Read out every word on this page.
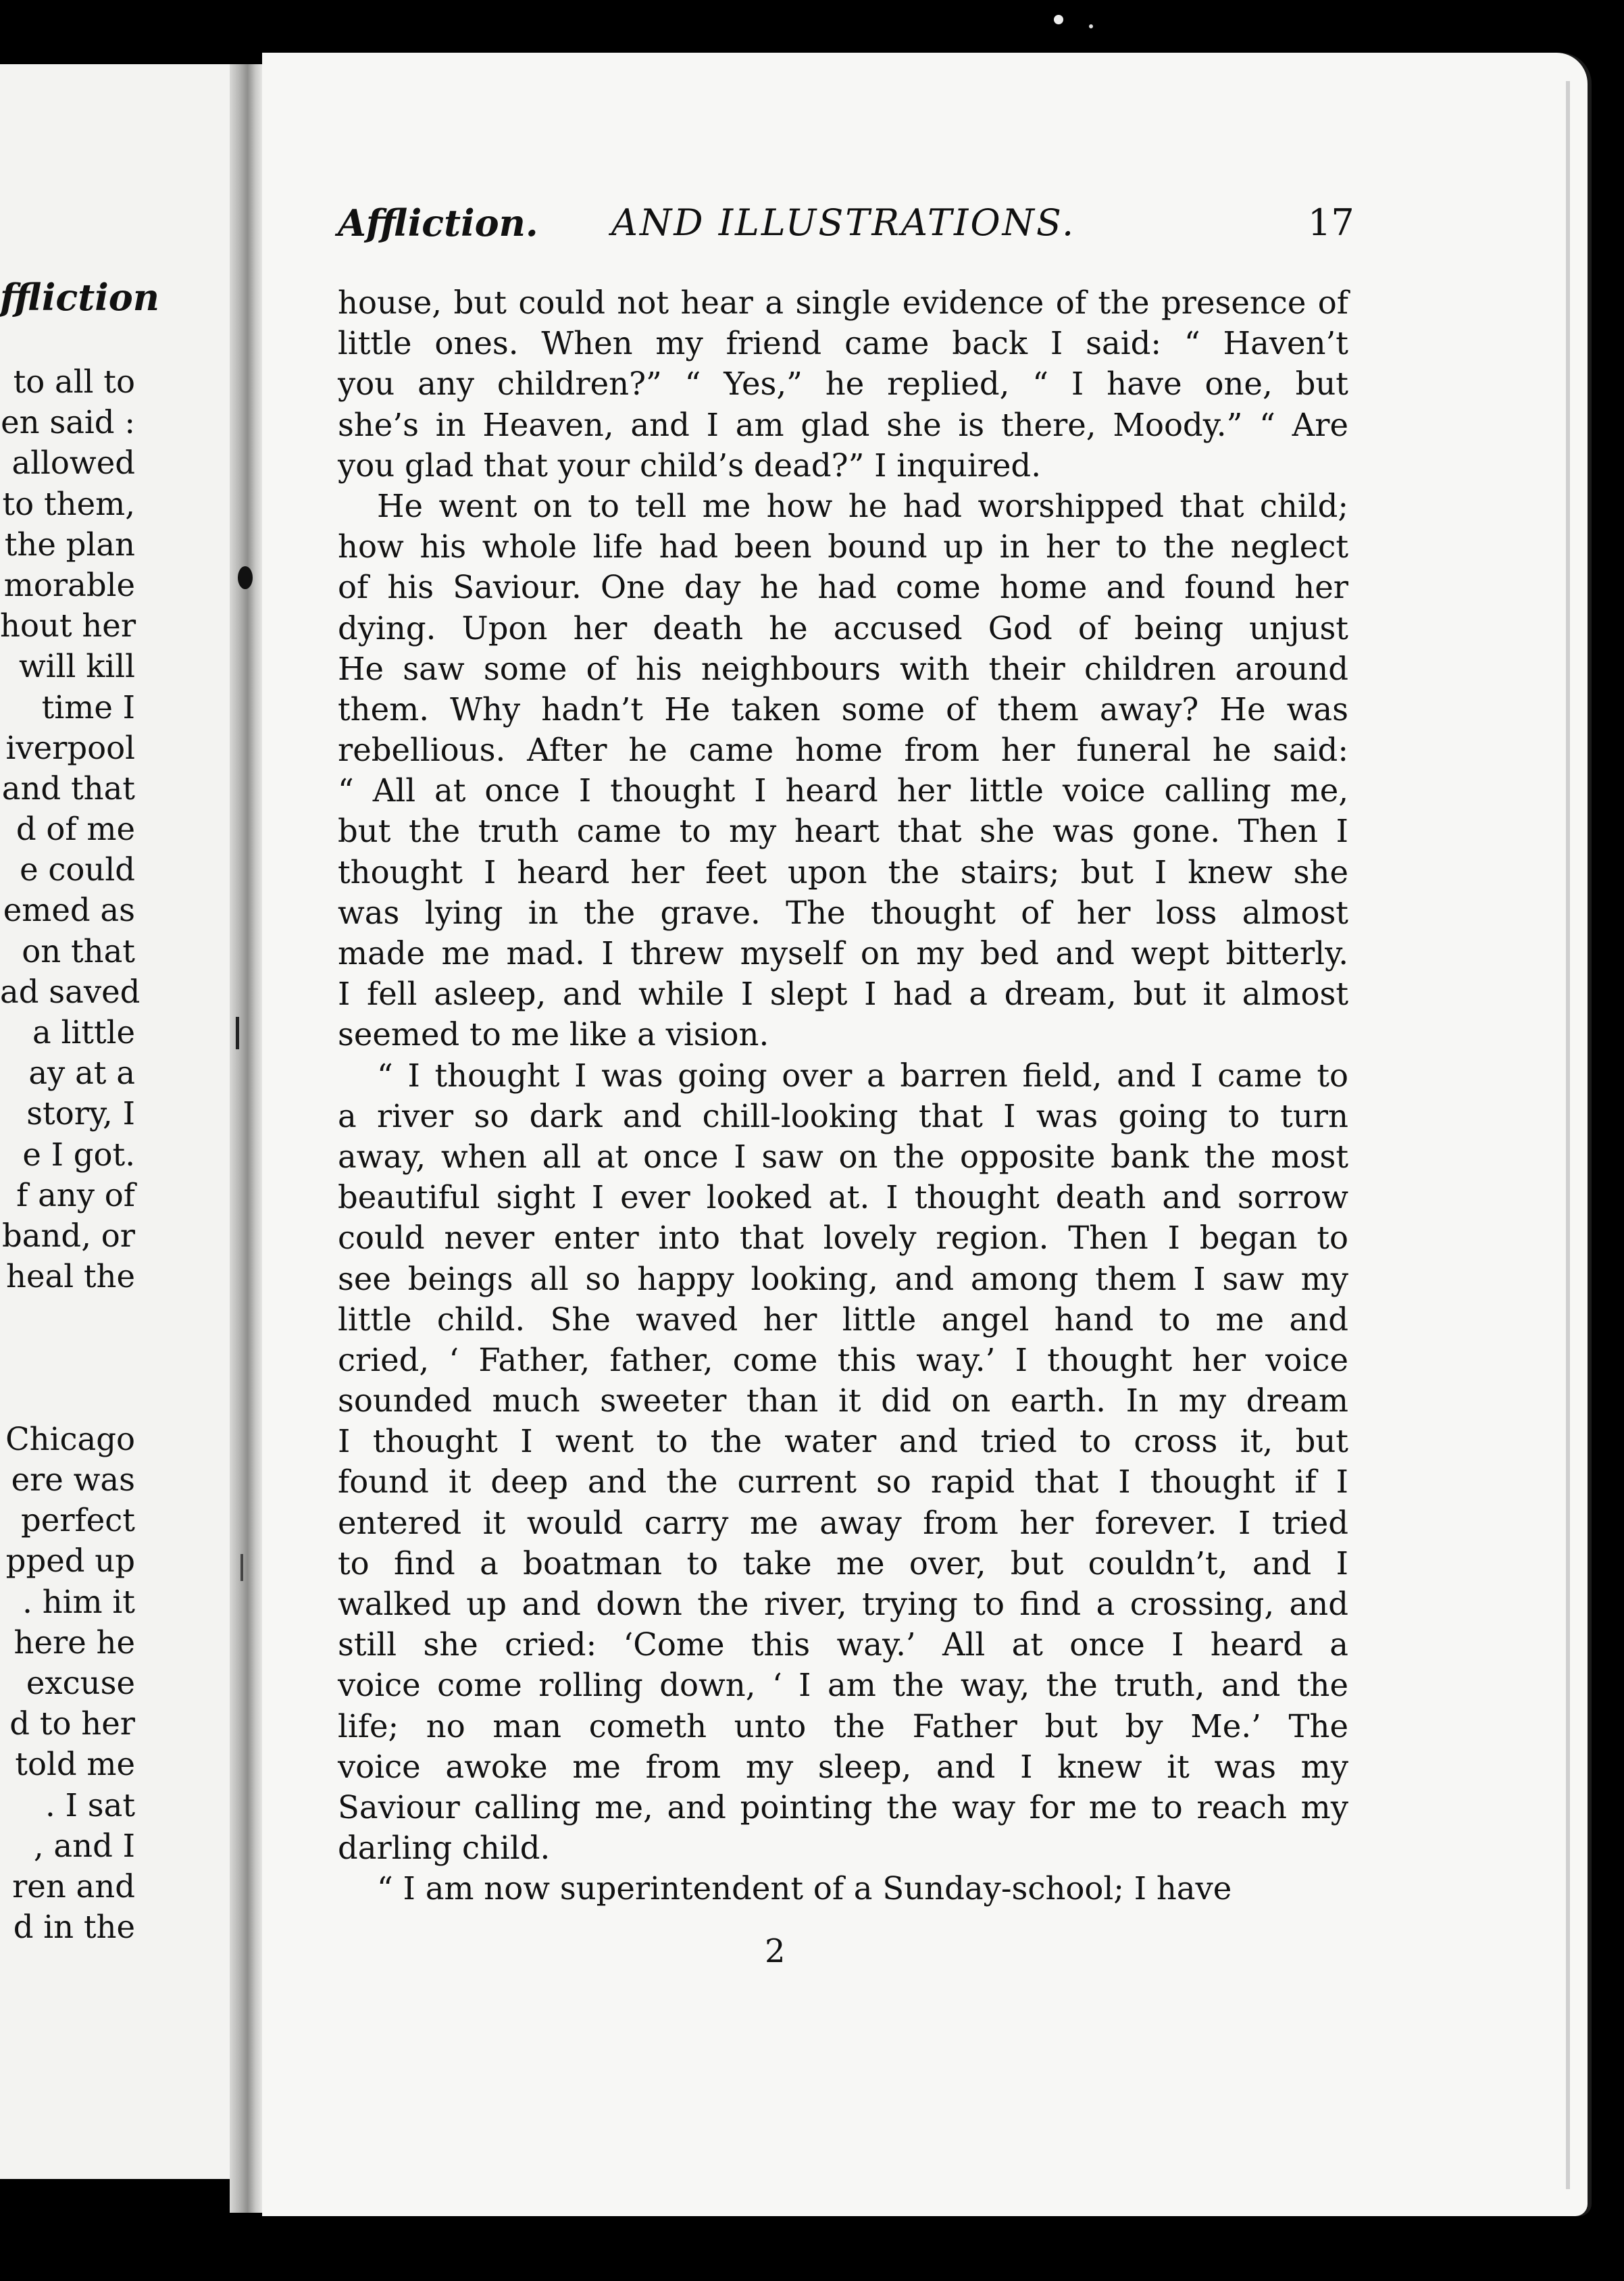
ffliction
to all to
en said :
allowed
to them,
the plan
morable
hout her
will kill
time I
iverpool
and that
d of me
e could
emed as
on that
ad saved
a little
ay at a
story, I
e I got.
f any of
band, or
heal the
Chicago
ere was
perfect
pped up
. him it
here he
excuse
d to her
told me
. I sat
, and I
ren and
d in the
Affliction. AND ILLUSTRATIONS.	17
house, but could not hear a single evidence of the presence of
little ones. When my friend came back I said: “ Haven’t
you any children?” “ Yes,” he replied, “ I have one, but
she’s in Heaven, and I am glad she is there, Moody.” “ Are
you glad that your child’s dead?” I inquired.
He went on to tell me how he had worshipped that child;
how his whole life had been bound up in her to the neglect
of his Saviour. One day he had come home and found her
dying. Upon her death he accused God of being unjust
He saw some of his neighbours with their children around
them. Why hadn’t He taken some of them away? He was
rebellious. After he came home from her funeral he said:
“ All at once I thought I heard her little voice calling me,
but the truth came to my heart that she was gone. Then I
thought I heard her feet upon the stairs; but I knew she
was lying in the grave. The thought of her loss almost
made me mad. I threw myself on my bed and wept bitterly.
I fell asleep, and while I slept I had a dream, but it almost
seemed to me like a vision.
“ I thought I was going over a barren field, and I came to
a river so dark and chill-looking that I was going to turn
away, when all at once I saw on the opposite bank the most
beautiful sight I ever looked at. I thought death and sorrow
could never enter into that lovely region. Then I began to
see beings all so happy looking, and among them I saw my
little child. She waved her little angel hand to me and
cried, ‘ Father, father, come this way.’ I thought her voice
sounded much sweeter than it did on earth. In my dream
I thought I went to the water and tried to cross it, but
found it deep and the current so rapid that I thought if I
entered it would carry me away from her forever. I tried
to find a boatman to take me over, but couldn’t, and I
walked up and down the river, trying to find a crossing, and
still she cried: ‘Come this way.’ All at once I heard a
voice come rolling down, ‘ I am the way, the truth, and the
life; no man cometh unto the Father but by Me.’ The
voice awoke me from my sleep, and I knew it was my
Saviour calling me, and pointing the way for me to reach my
darling child.
“ I am now superintendent of a Sunday-school; I have
2
